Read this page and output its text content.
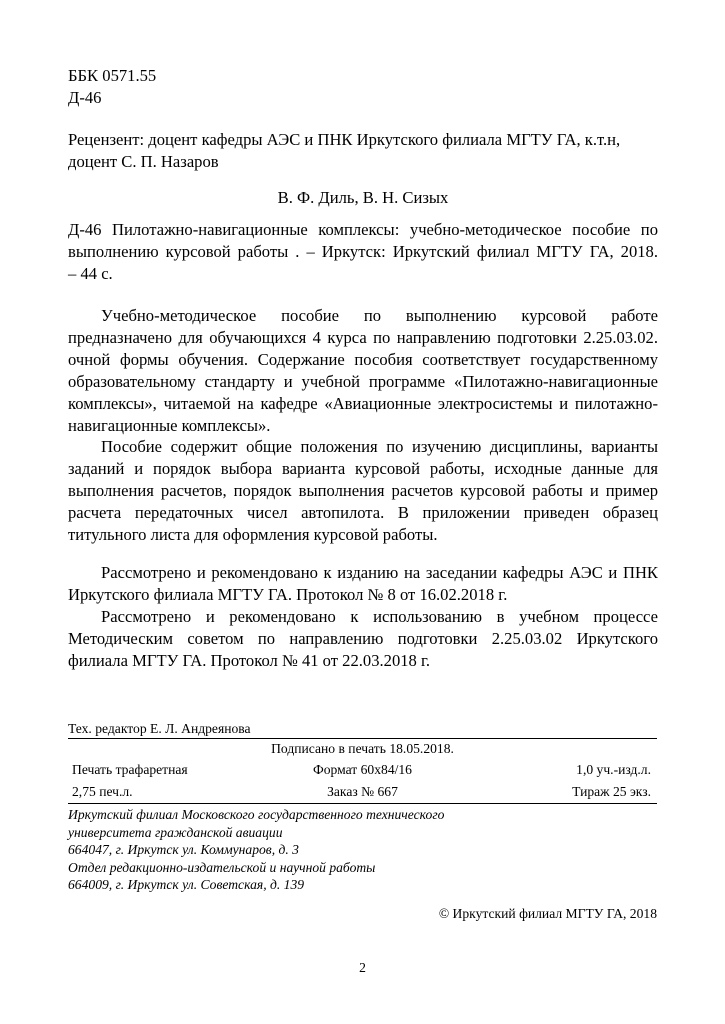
ББК 0571.55
Д-46
Рецензент: доцент кафедры АЭС и ПНК Иркутского филиала МГТУ ГА, к.т.н,
доцент С. П. Назаров
В. Ф. Диль, В. Н. Сизых
Д-46 Пилотажно-навигационные комплексы: учебно-методическое пособие по
выполнению курсовой работы . – Иркутск: Иркутский филиал МГТУ ГА, 2018.
– 44 с.

Учебно-методическое пособие по выполнению курсовой работе предназначено для обучающихся 4 курса по направлению подготовки 2.25.03.02. очной формы обучения. Содержание пособия соответствует государственному образовательному стандарту и учебной программе «Пилотажно-навигационные комплексы», читаемой на кафедре «Авиационные электросистемы и пилотажно-навигационные комплексы».

Пособие содержит общие положения по изучению дисциплины, варианты заданий и порядок выбора варианта курсовой работы, исходные данные для выполнения расчетов, порядок выполнения расчетов курсовой работы и пример расчета передаточных чисел автопилота. В приложении приведен образец титульного листа для оформления курсовой работы.

Рассмотрено и рекомендовано к изданию на заседании кафедры АЭС и ПНК Иркутского филиала МГТУ ГА. Протокол № 8 от 16.02.2018 г.

Рассмотрено и рекомендовано к использованию в учебном процессе Методическим советом по направлению подготовки 2.25.03.02 Иркутского филиала МГТУ ГА. Протокол № 41 от 22.03.2018 г.

Тех. редактор Е. Л. Андреянова
Подписано в печать 18.05.2018.		
Печать трафаретная	Формат 60х84/16	1,0 уч.-изд.л.
2,75 печ.л.	Заказ № 667	Тираж 25 экз.
Иркутский филиал Московского государственного технического
университета гражданской авиации
664047, г. Иркутск ул. Коммунаров, д. 3
Отдел редакционно-издательской и научной работы
664009, г. Иркутск ул. Советская, д. 139
© Иркутский филиал МГТУ ГА, 2018
2
